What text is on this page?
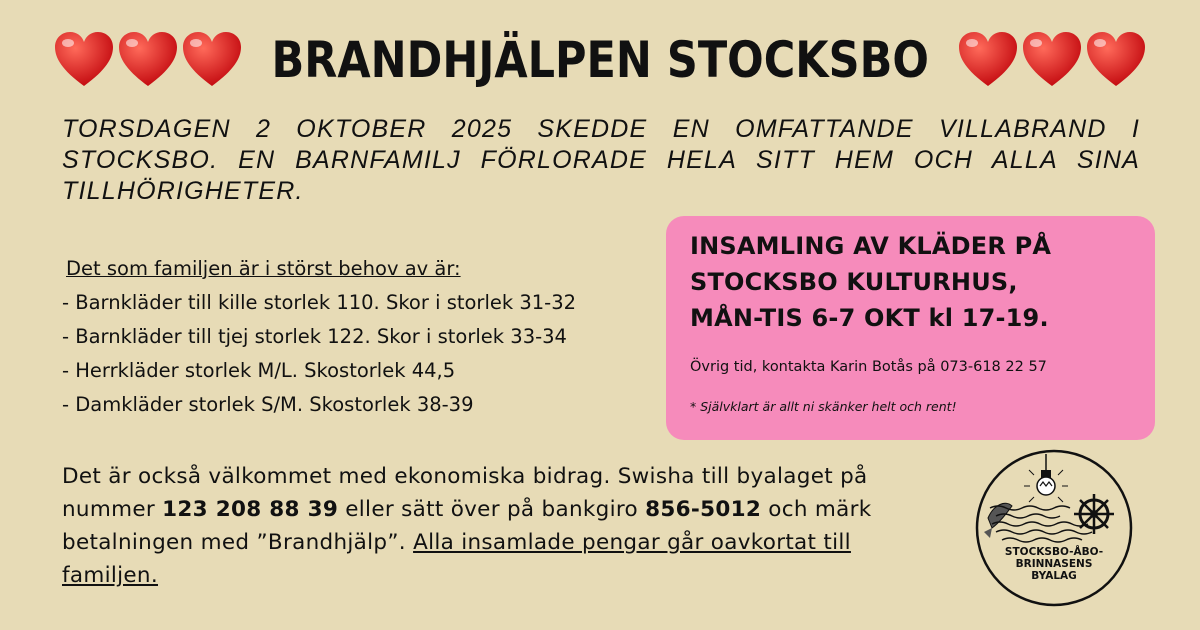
BRANDHJÄLPEN STOCKSBO
TORSDAGEN 2 OKTOBER 2025 SKEDDE EN OMFATTANDE VILLABRAND I STOCKSBO. EN BARNFAMILJ FÖRLORADE HELA SITT HEM OCH ALLA SINA TILLHÖRIGHETER.
Det som familjen är i störst behov av är:
- Barnkläder till kille storlek 110. Skor i storlek 31-32
- Barnkläder till tjej storlek 122. Skor i storlek 33-34
- Herrkläder storlek M/L. Skostorlek 44,5
- Damkläder storlek S/M. Skostorlek 38-39
INSAMLING AV KLÄDER PÅ
STOCKSBO KULTURHUS,
MÅN-TIS 6-7 OKT kl 17-19.
Övrig tid, kontakta Karin Botås på 073-618 22 57
* Självklart är allt ni skänker helt och rent!
Det är också välkommet med ekonomiska bidrag. Swisha till byalaget på nummer 123 208 88 39 eller sätt över på bankgiro 856-5012 och märk betalningen med ”Brandhjälp”. Alla insamlade pengar går oavkortat till familjen.
STOCKSBO-ÅBO-
BRINNASENS
BYALAG
